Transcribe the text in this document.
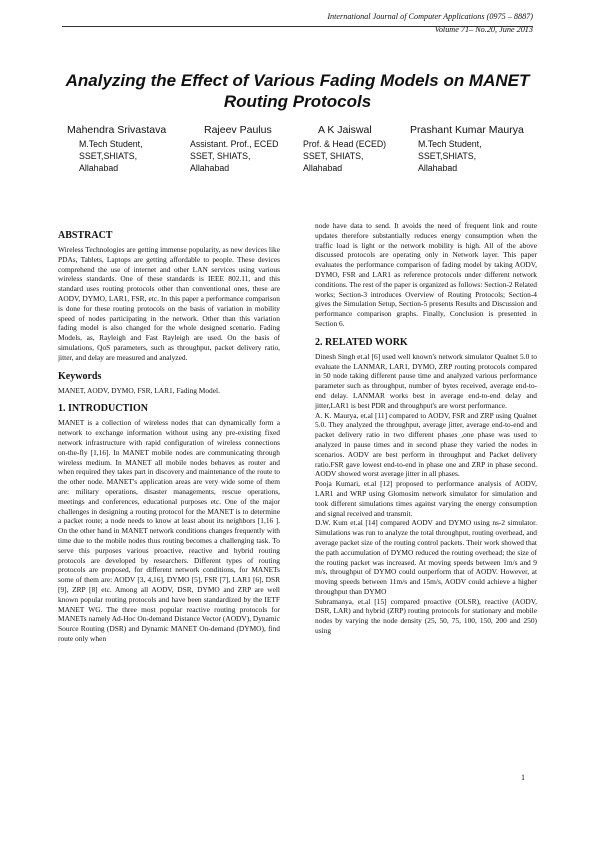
International Journal of Computer Applications (0975 – 8887)
Volume 71– No.20, June 2013
Analyzing the Effect of Various Fading Models on MANET Routing Protocols
Mahendra Srivastava
M.Tech Student,
SSET,SHIATS,
Allahabad
Rajeev Paulus
Assistant. Prof., ECED
SSET, SHIATS,
Allahabad
A K Jaiswal
Prof. & Head (ECED)
SSET, SHIATS,
Allahabad
Prashant Kumar Maurya
M.Tech Student,
SSET,SHIATS,
Allahabad
ABSTRACT

Wireless Technologies are getting immense popularity, as new devices like PDAs, Tablets, Laptops are getting affordable to people. These devices comprehend the use of internet and other LAN services using various wireless standards. One of these standards is IEEE 802.11, and this standard uses routing protocols other than conventional ones, these are AODV, DYMO, LAR1, FSR, etc. In this paper a performance comparison is done for these routing protocols on the basis of variation in mobility speed of nodes participating in the network. Other than this variation fading model is also changed for the whole designed scenario. Fading Models, as, Rayleigh and Fast Rayleigh are used. On the basis of simulations, QoS parameters, such as throughput, packet delivery ratio, jitter, and delay are measured and analyzed.

Keywords

MANET, AODV, DYMO, FSR, LAR1, Fading Model.

1. INTRODUCTION

MANET is a collection of wireless nodes that can dynamically form a network to exchange information without using any pre-existing fixed network infrastructure with rapid configuration of wireless connections on-the-fly [1,16]. In MANET mobile nodes are communicating through wireless medium. In MANET all mobile nodes behaves as router and when required they takes part in discovery and maintenance of the route to the other node. MANET's application areas are very wide some of them are: military operations, disaster managements, rescue operations, meetings and conferences, educational purposes etc. One of the major challenges in designing a routing protocol for the MANET is to determine a packet route; a node needs to know at least about its neighbors [1,16 ]. On the other hand in MANET network conditions changes frequently with time due to the mobile nodes thus routing becomes a challenging task. To serve this purposes various proactive, reactive and hybrid routing protocols are developed by researchers. Different types of routing protocols are proposed, for different network conditions, for MANETs some of them are: AODV [3, 4,16], DYMO [5], FSR [7], LAR1 [6], DSR [9], ZRP [8] etc. Among all AODV, DSR, DYMO and ZRP are well known popular routing protocols and have been standardized by the IETF MANET WG. The three most popular reactive routing protocols for MANETs namely Ad-Hoc On-demand Distance Vector (AODV), Dynamic Source Routing (DSR) and Dynamic MANET On-demand (DYMO), find route only when

node have data to send. It avoids the need of frequent link and route updates therefore substantially reduces energy consumption when the traffic load is light or the network mobility is high. All of the above discussed protocols are operating only in Network layer. This paper evaluates the performance comparison of fading model by taking AODV, DYMO, FSR and LAR1 as reference protocols under different network conditions. The rest of the paper is organized as follows: Section-2 Related works; Section-3 introduces Overview of Routing Protocols; Section-4 gives the Simulation Setup, Section-5 presents Results and Discussion and performance comparison graphs. Finally, Conclusion is presented in Section 6.

2. RELATED WORK

Dinesh Singh et.al [6] used well known's network simulator Qualnet 5.0 to evaluate the LANMAR, LAR1, DYMO, ZRP routing protocols compared in 50 node taking different pause time and analyzed various performance parameter such as throughput, number of bytes received, average end-to-end delay. LANMAR works best in average end-to-end delay and jitter,LAR1 is best PDR and throughput's are worst performance.

A. K. Maurya, et.al [11] compared to AODV, FSR and ZRP using Qualnet 5.0. They analyzed the throughput, average jitter, average end-to-end and packet delivery ratio in two different phases ,one phase was used to analyzed in pause times and in second phase they varied the nodes in scenarios. AODV are best perform in throughput and Packet delivery ratio.FSR gave lowest end-to-end in phase one and ZRP in phase second. AODV showed worst average jitter in all phases.

Pooja Kumari, et.al [12] proposed to performance analysis of AODV, LAR1 and WRP using Glomosim network simulator for simulation and took different simulations times against varying the energy consumption and signal received and transmit.

D.W. Kum et.al [14] compared AODV and DYMO using ns-2 simulator. Simulations was run to analyze the total throughput, routing overhead, and average packet size of the routing control packets. Their work showed that the path accumulation of DYMO reduced the routing overhead; the size of the routing packet was increased. At moving speeds between 1m/s and 9 m/s, throughput of DYMO could outperform that of AODV. However, at moving speeds between 11m/s and 15m/s, AODV could achieve a higher throughput than DYMO

Subramanya, et.al [15] compared proactive (OLSR), reactive (AODV, DSR, LAR) and hybrid (ZRP) routing protocols for stationary and mobile nodes by varying the node density (25, 50, 75, 100, 150, 200 and 250) using

1
